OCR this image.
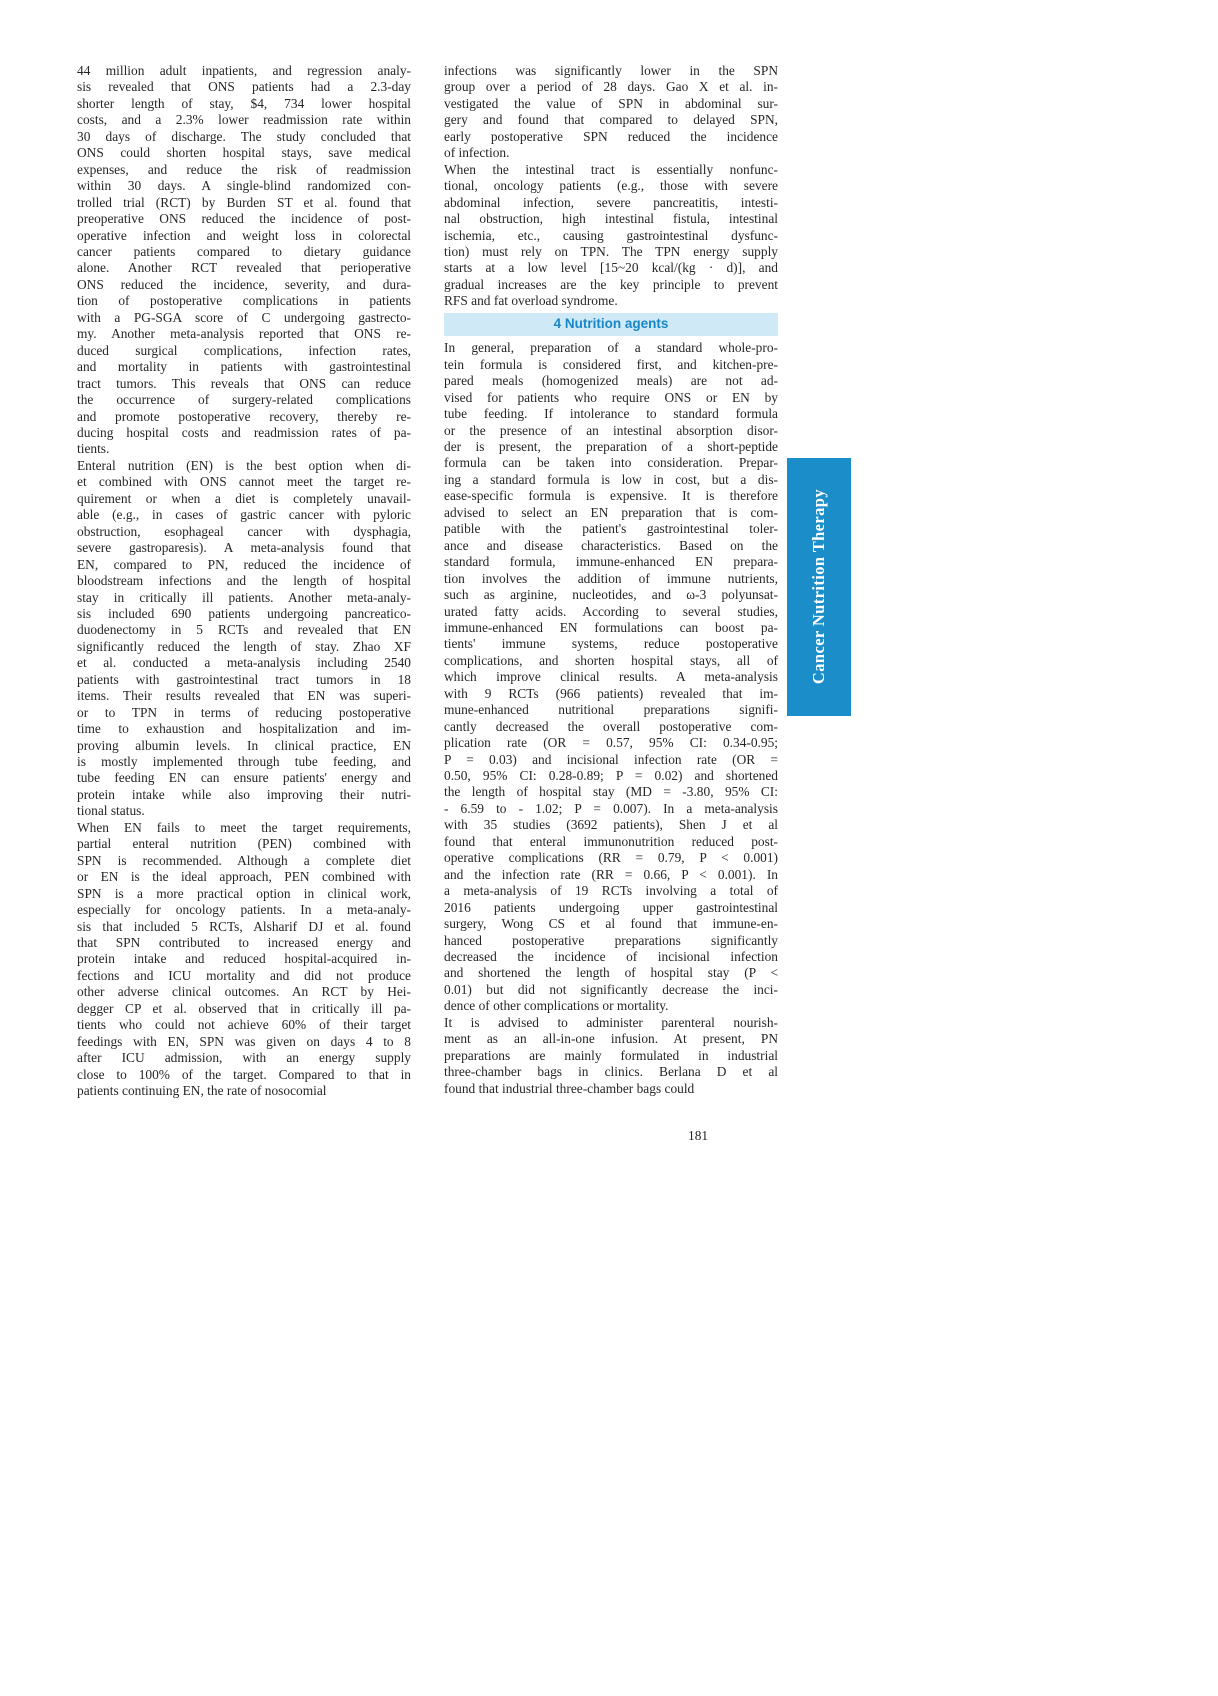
44 million adult inpatients, and regression analy-
sis revealed that ONS patients had a 2.3-day
shorter length of stay, $4, 734 lower hospital
costs, and a 2.3% lower readmission rate within
30 days of discharge. The study concluded that
ONS could shorten hospital stays, save medical
expenses, and reduce the risk of readmission
within 30 days. A single-blind randomized con-
trolled trial (RCT) by Burden ST et al. found that
preoperative ONS reduced the incidence of post-
operative infection and weight loss in colorectal
cancer patients compared to dietary guidance
alone. Another RCT revealed that perioperative
ONS reduced the incidence, severity, and dura-
tion of postoperative complications in patients
with a PG-SGA score of C undergoing gastrecto-
my. Another meta-analysis reported that ONS re-
duced surgical complications, infection rates,
and mortality in patients with gastrointestinal
tract tumors. This reveals that ONS can reduce
the occurrence of surgery-related complications
and promote postoperative recovery, thereby re-
ducing hospital costs and readmission rates of pa-
tients.
Enteral nutrition (EN) is the best option when di-
et combined with ONS cannot meet the target re-
quirement or when a diet is completely unavail-
able (e.g., in cases of gastric cancer with pyloric
obstruction, esophageal cancer with dysphagia,
severe gastroparesis). A meta-analysis found that
EN, compared to PN, reduced the incidence of
bloodstream infections and the length of hospital
stay in critically ill patients. Another meta-analy-
sis included 690 patients undergoing pancreatico-
duodenectomy in 5 RCTs and revealed that EN
significantly reduced the length of stay. Zhao XF
et al. conducted a meta-analysis including 2540
patients with gastrointestinal tract tumors in 18
items. Their results revealed that EN was superi-
or to TPN in terms of reducing postoperative
time to exhaustion and hospitalization and im-
proving albumin levels. In clinical practice, EN
is mostly implemented through tube feeding, and
tube feeding EN can ensure patients' energy and
protein intake while also improving their nutri-
tional status.
When EN fails to meet the target requirements,
partial enteral nutrition (PEN) combined with
SPN is recommended. Although a complete diet
or EN is the ideal approach, PEN combined with
SPN is a more practical option in clinical work,
especially for oncology patients. In a meta-analy-
sis that included 5 RCTs, Alsharif DJ et al. found
that SPN contributed to increased energy and
protein intake and reduced hospital-acquired in-
fections and ICU mortality and did not produce
other adverse clinical outcomes. An RCT by Hei-
degger CP et al. observed that in critically ill pa-
tients who could not achieve 60% of their target
feedings with EN, SPN was given on days 4 to 8
after ICU admission, with an energy supply
close to 100% of the target. Compared to that in
patients continuing EN, the rate of nosocomial
infections was significantly lower in the SPN
group over a period of 28 days. Gao X et al. in-
vestigated the value of SPN in abdominal sur-
gery and found that compared to delayed SPN,
early postoperative SPN reduced the incidence
of infection.
When the intestinal tract is essentially nonfunc-
tional, oncology patients (e.g., those with severe
abdominal infection, severe pancreatitis, intesti-
nal obstruction, high intestinal fistula, intestinal
ischemia, etc., causing gastrointestinal dysfunc-
tion) must rely on TPN. The TPN energy supply
starts at a low level [15~20 kcal/(kg · d)], and
gradual increases are the key principle to prevent
RFS and fat overload syndrome.
4 Nutrition agents
In general, preparation of a standard whole-pro-
tein formula is considered first, and kitchen-pre-
pared meals (homogenized meals) are not ad-
vised for patients who require ONS or EN by
tube feeding. If intolerance to standard formula
or the presence of an intestinal absorption disor-
der is present, the preparation of a short-peptide
formula can be taken into consideration. Prepar-
ing a standard formula is low in cost, but a dis-
ease-specific formula is expensive. It is therefore
advised to select an EN preparation that is com-
patible with the patient's gastrointestinal toler-
ance and disease characteristics. Based on the
standard formula, immune-enhanced EN prepara-
tion involves the addition of immune nutrients,
such as arginine, nucleotides, and ω-3 polyunsat-
urated fatty acids. According to several studies,
immune-enhanced EN formulations can boost pa-
tients' immune systems, reduce postoperative
complications, and shorten hospital stays, all of
which improve clinical results. A meta-analysis
with 9 RCTs (966 patients) revealed that im-
mune-enhanced nutritional preparations signifi-
cantly decreased the overall postoperative com-
plication rate (OR = 0.57, 95% CI: 0.34-0.95;
P = 0.03) and incisional infection rate (OR =
0.50, 95% CI: 0.28-0.89; P = 0.02) and shortened
the length of hospital stay (MD = -3.80, 95% CI:
- 6.59 to - 1.02; P = 0.007). In a meta-analysis
with 35 studies (3692 patients), Shen J et al
found that enteral immunonutrition reduced post-
operative complications (RR = 0.79, P < 0.001)
and the infection rate (RR = 0.66, P < 0.001). In
a meta-analysis of 19 RCTs involving a total of
2016 patients undergoing upper gastrointestinal
surgery, Wong CS et al found that immune-en-
hanced postoperative preparations significantly
decreased the incidence of incisional infection
and shortened the length of hospital stay (P <
0.01) but did not significantly decrease the inci-
dence of other complications or mortality.
It is advised to administer parenteral nourish-
ment as an all-in-one infusion. At present, PN
preparations are mainly formulated in industrial
three-chamber bags in clinics. Berlana D et al
found that industrial three-chamber bags could
Cancer Nutrition Therapy
181
